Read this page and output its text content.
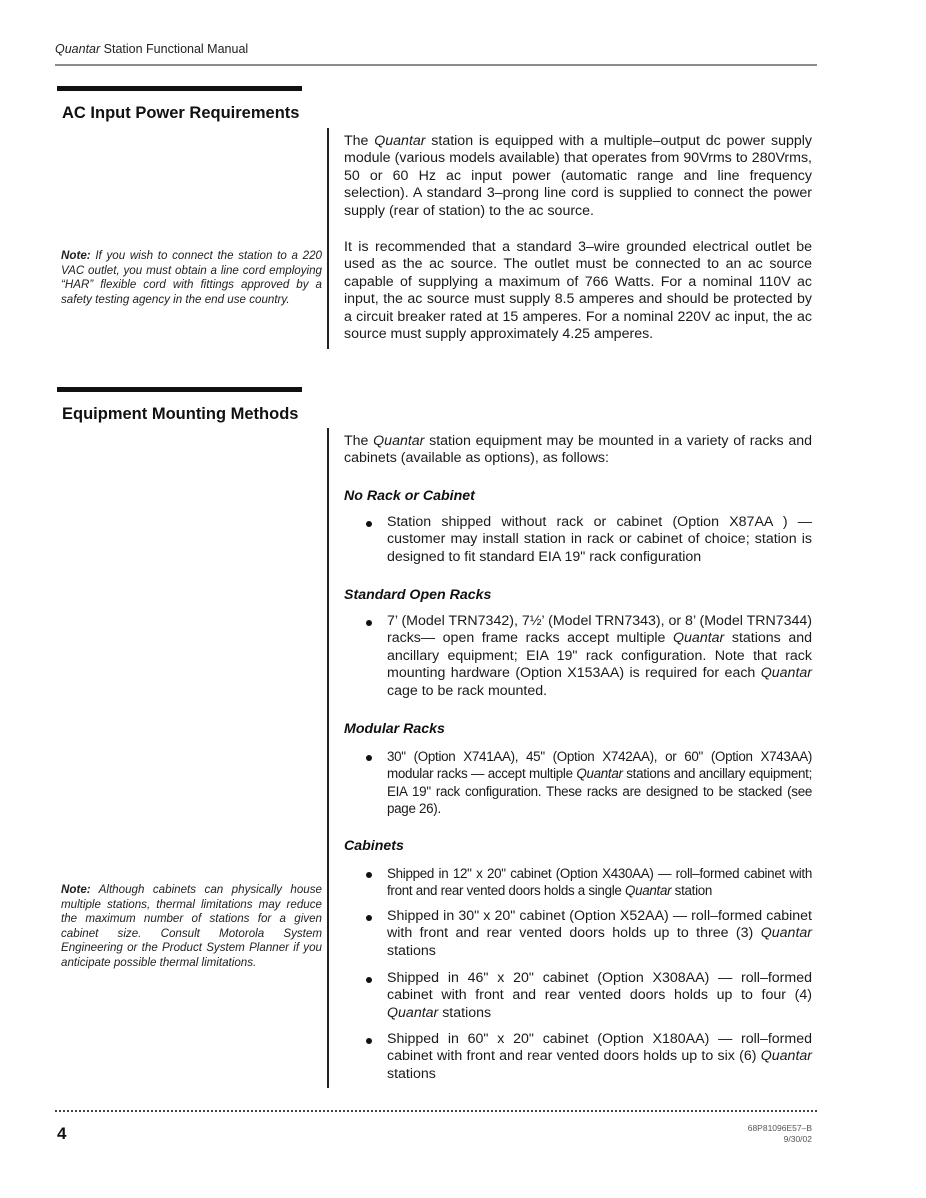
Quantar Station Functional Manual
AC Input Power Requirements
The Quantar station is equipped with a multiple–output dc power supply module (various models available) that operates from 90Vrms to 280Vrms, 50 or 60 Hz ac input power (automatic range and line frequency selection). A standard 3–prong line cord is supplied to connect the power supply (rear of station) to the ac source.
It is recommended that a standard 3–wire grounded electrical outlet be used as the ac source. The outlet must be connected to an ac source capable of supplying a maximum of 766 Watts. For a nominal 110V ac input, the ac source must supply 8.5 amperes and should be protected by a circuit breaker rated at 15 amperes. For a nominal 220V ac input, the ac source must supply approximately 4.25 amperes.
Note: If you wish to connect the station to a 220 VAC outlet, you must obtain a line cord employing “HAR” flexible cord with fittings approved by a safety testing agency in the end use country.
Equipment Mounting Methods
The Quantar station equipment may be mounted in a variety of racks and cabinets (available as options), as follows:
No Rack or Cabinet
Station shipped without rack or cabinet (Option X87AA ) — customer may install station in rack or cabinet of choice; station is designed to fit standard EIA 19" rack configuration
Standard Open Racks
7’ (Model TRN7342), 7½’ (Model TRN7343), or 8’ (Model TRN7344) racks— open frame racks accept multiple Quantar stations and ancillary equipment; EIA 19" rack configuration. Note that rack mounting hardware (Option X153AA) is required for each Quantar cage to be rack mounted.
Modular Racks
30" (Option X741AA), 45" (Option X742AA), or 60" (Option X743AA) modular racks — accept multiple Quantar stations and ancillary equipment; EIA 19" rack configuration. These racks are designed to be stacked (see page 26).
Cabinets
Shipped in 12" x 20" cabinet (Option X430AA) — roll–formed cabinet with front and rear vented doors holds a single Quantar station
Shipped in 30" x 20" cabinet (Option X52AA) — roll–formed cabinet with front and rear vented doors holds up to three (3) Quantar stations
Shipped in 46" x 20" cabinet (Option X308AA) — roll–formed cabinet with front and rear vented doors holds up to four (4) Quantar stations
Shipped in 60" x 20" cabinet (Option X180AA) — roll–formed cabinet with front and rear vented doors holds up to six (6) Quantar stations
Note: Although cabinets can physically house multiple stations, thermal limitations may reduce the maximum number of stations for a given cabinet size. Consult Motorola System Engineering or the Product System Planner if you anticipate possible thermal limitations.
4	68P81096E57–B
9/30/02
